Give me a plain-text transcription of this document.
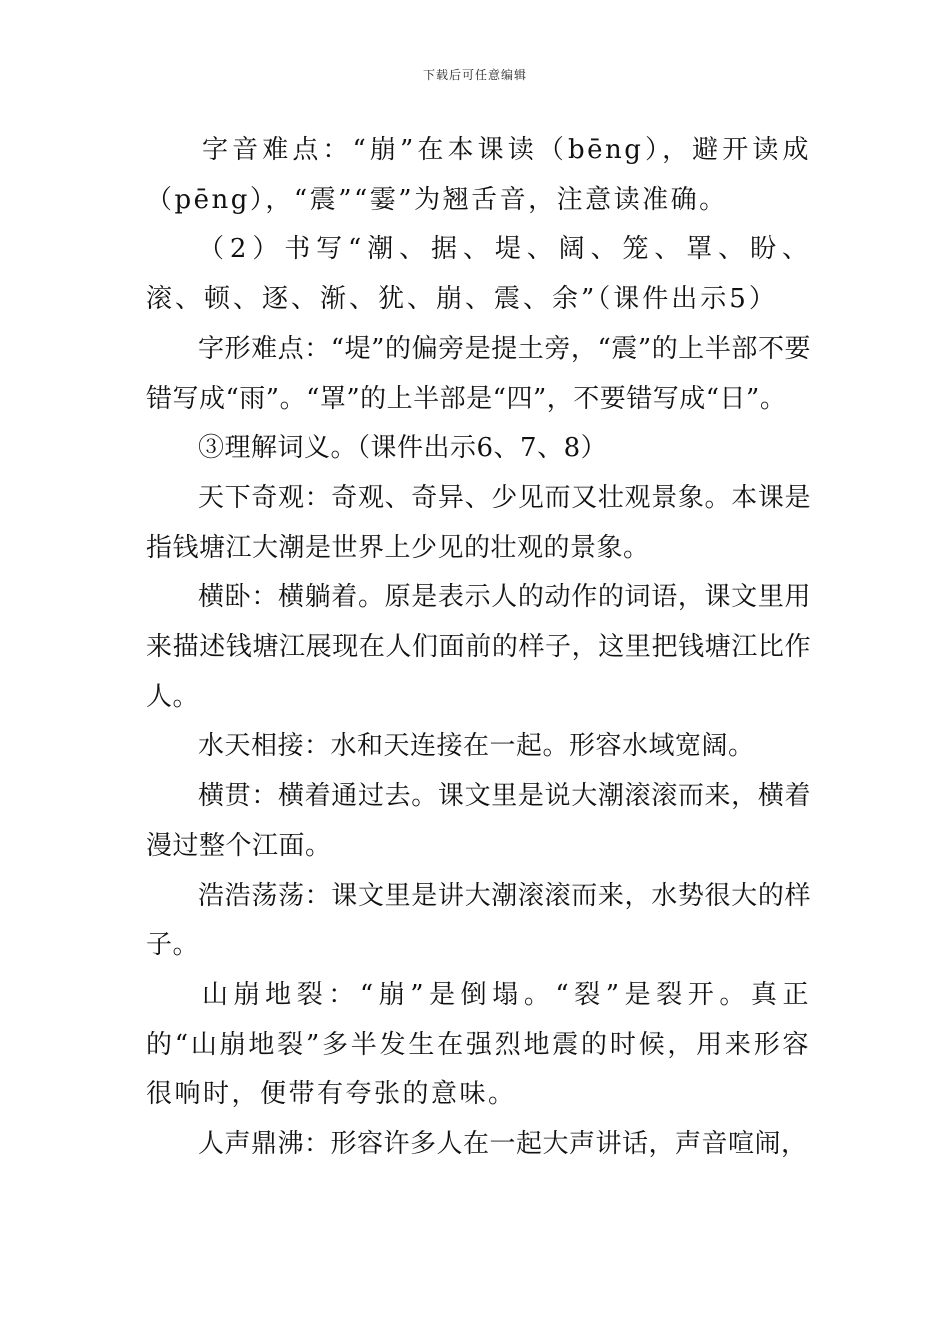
下载后可任意编辑

字音难点：“崩”在本课读（bēng），避开读成（pēng），“震”“霎”为翘舌音，注意读准确。

（2）书写“潮、据、堤、阔、笼、罩、盼、滚、顿、逐、渐、犹、崩、震、余”（课件出示5）

字形难点：“堤”的偏旁是提土旁，“震”的上半部不要错写成“雨”。“罩”的上半部是“四”，不要错写成“日”。

③理解词义。（课件出示6、7、8）

天下奇观：奇观、奇异、少见而又壮观景象。本课是指钱塘江大潮是世界上少见的壮观的景象。

横卧：横躺着。原是表示人的动作的词语，课文里用来描述钱塘江展现在人们面前的样子，这里把钱塘江比作人。

水天相接：水和天连接在一起。形容水域宽阔。

横贯：横着通过去。课文里是说大潮滚滚而来，横着漫过整个江面。

浩浩荡荡：课文里是讲大潮滚滚而来，水势很大的样子。

山崩地裂：“崩”是倒塌。“裂”是裂开。真正的“山崩地裂”多半发生在强烈地震的时候，用来形容很响时，便带有夸张的意味。

人声鼎沸：形容许多人在一起大声讲话，声音喧闹，
